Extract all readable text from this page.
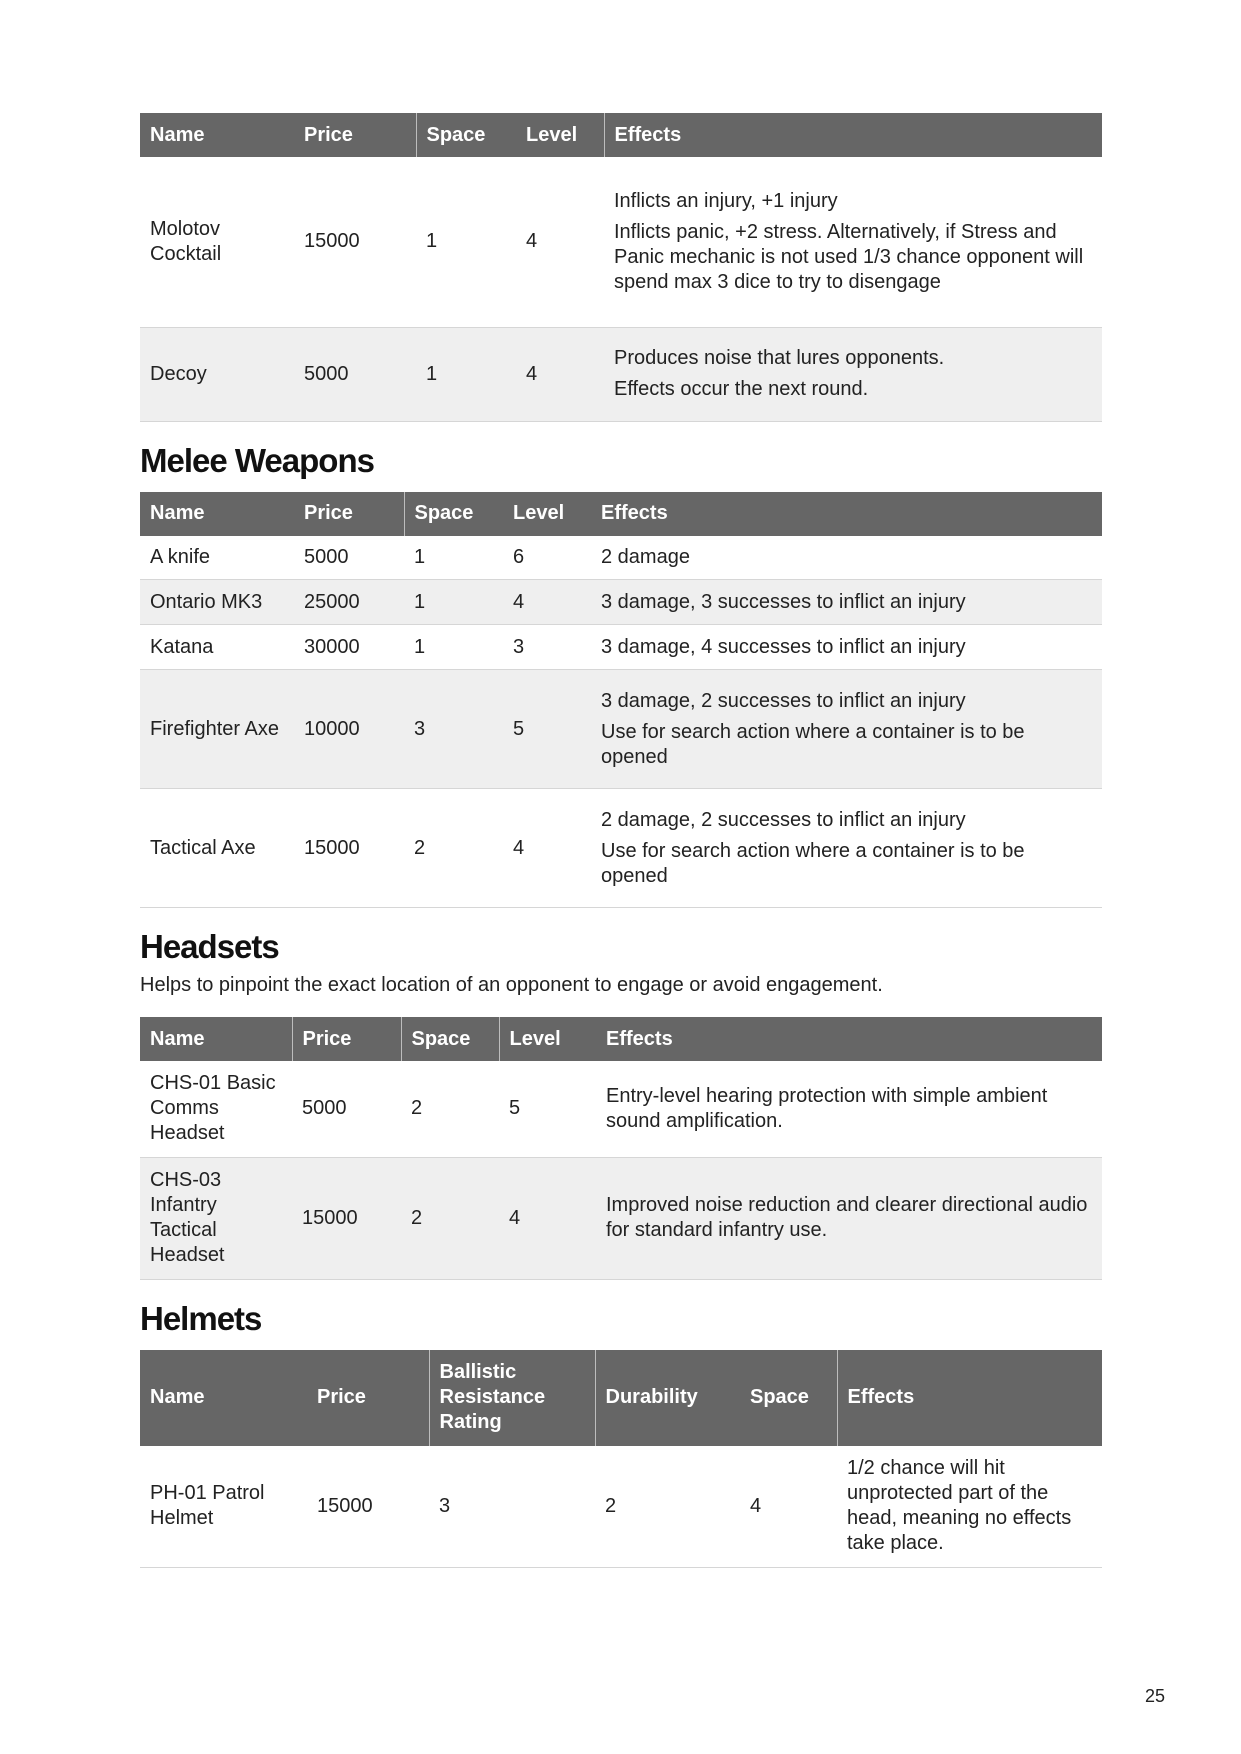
Name	Price	Space	Level	Effects
Molotov Cocktail	15000	1	4	Inflicts an injury, +1 injury

Inflicts panic, +2 stress. Alternatively, if Stress and Panic mechanic is not used 1/3 chance opponent will spend max 3 dice to try to disengage

Decoy	5000	1	4	Produces noise that lures opponents.

Effects occur the next round.

Melee Weapons
Name	Price	Space	Level	Effects
A knife	5000	1	6	2 damage

Ontario MK3	25000	1	4	3 damage, 3 successes to inflict an injury

Katana	30000	1	3	3 damage, 4 successes to inflict an injury

Firefighter Axe	10000	3	5	3 damage, 2 successes to inflict an injury

Use for search action where a container is to be opened

Tactical Axe	15000	2	4	2 damage, 2 successes to inflict an injury

Use for search action where a container is to be opened

Headsets

Helps to pinpoint the exact location of an opponent to engage or avoid engagement.

Name	Price	Space	Level	Effects
CHS-01 Basic Comms Headset	5000	2	5	Entry-level hearing protection with simple ambient sound amplification.

CHS-03 Infantry Tactical Headset	15000	2	4	Improved noise reduction and clearer directional audio for standard infantry use.

Helmets
Name	Price	Ballistic Resistance Rating	Durability	Space	Effects
PH-01 Patrol Helmet	15000	3	2	4	1/2 chance will hit unprotected part of the head, meaning no effects take place.

25
